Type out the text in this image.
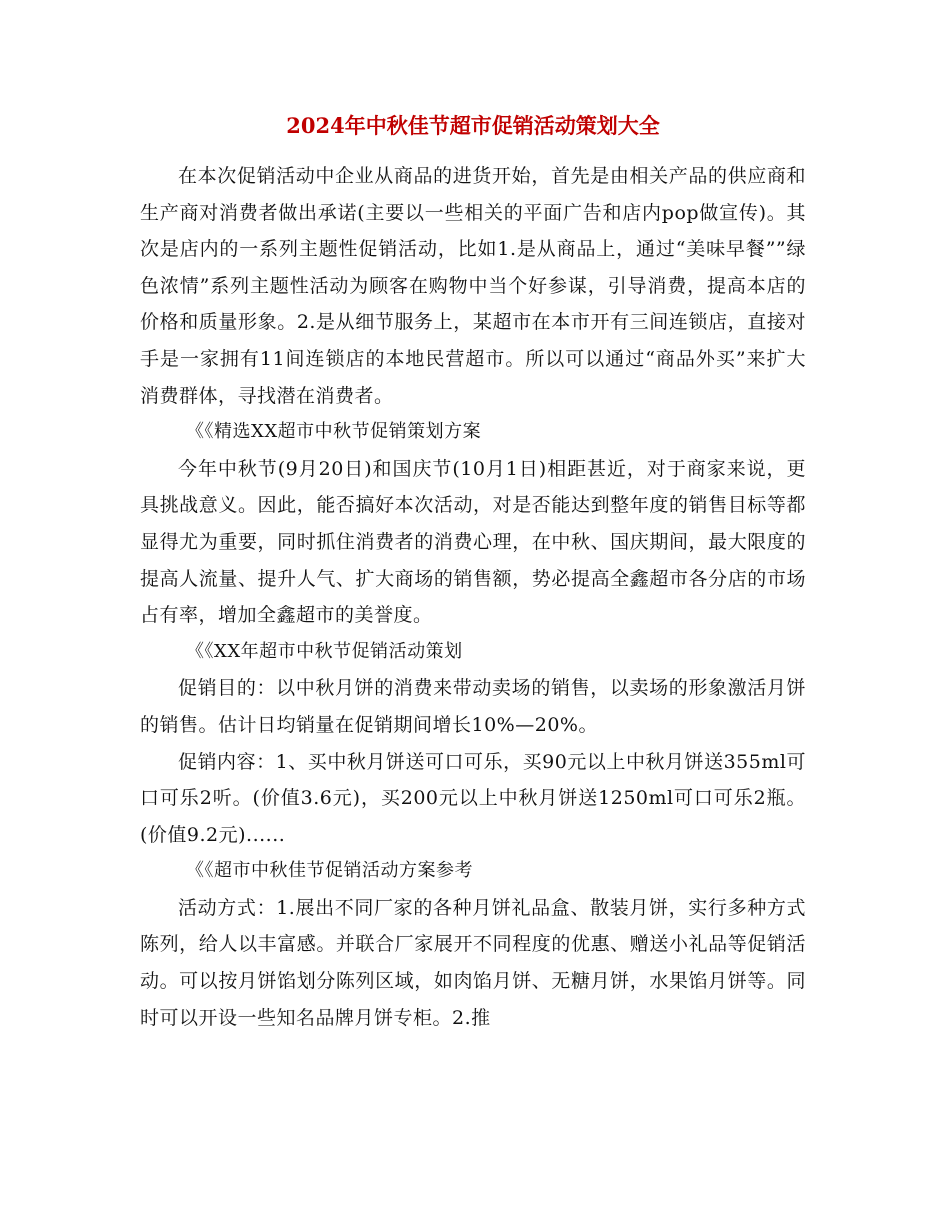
2024年中秋佳节超市促销活动策划大全

在本次促销活动中企业从商品的进货开始，首先是由相关产品的供应商和生产商对消费者做出承诺(主要以一些相关的平面广告和店内pop做宣传)。其次是店内的一系列主题性促销活动，比如1.是从商品上，通过“美味早餐””绿色浓情”系列主题性活动为顾客在购物中当个好参谋，引导消费，提高本店的价格和质量形象。2.是从细节服务上，某超市在本市开有三间连锁店，直接对手是一家拥有11间连锁店的本地民营超市。所以可以通过“商品外买”来扩大消费群体，寻找潜在消费者。

《《精选XX超市中秋节促销策划方案

今年中秋节(9月20日)和国庆节(10月1日)相距甚近，对于商家来说，更具挑战意义。因此，能否搞好本次活动，对是否能达到整年度的销售目标等都显得尤为重要，同时抓住消费者的消费心理，在中秋、国庆期间，最大限度的提高人流量、提升人气、扩大商场的销售额，势必提高全鑫超市各分店的市场占有率，增加全鑫超市的美誉度。

《《XX年超市中秋节促销活动策划

促销目的：以中秋月饼的消费来带动卖场的销售，以卖场的形象激活月饼的销售。估计日均销量在促销期间增长10%—20%。

促销内容：1、买中秋月饼送可口可乐，买90元以上中秋月饼送355ml可口可乐2听。(价值3.6元)，买200元以上中秋月饼送1250ml可口可乐2瓶。(价值9.2元)......

《《超市中秋佳节促销活动方案参考

活动方式：1.展出不同厂家的各种月饼礼品盒、散装月饼，实行多种方式陈列，给人以丰富感。并联合厂家展开不同程度的优惠、赠送小礼品等促销活动。可以按月饼馅划分陈列区域，如肉馅月饼、无糖月饼，水果馅月饼等。同时可以开设一些知名品牌月饼专柜。2.推
